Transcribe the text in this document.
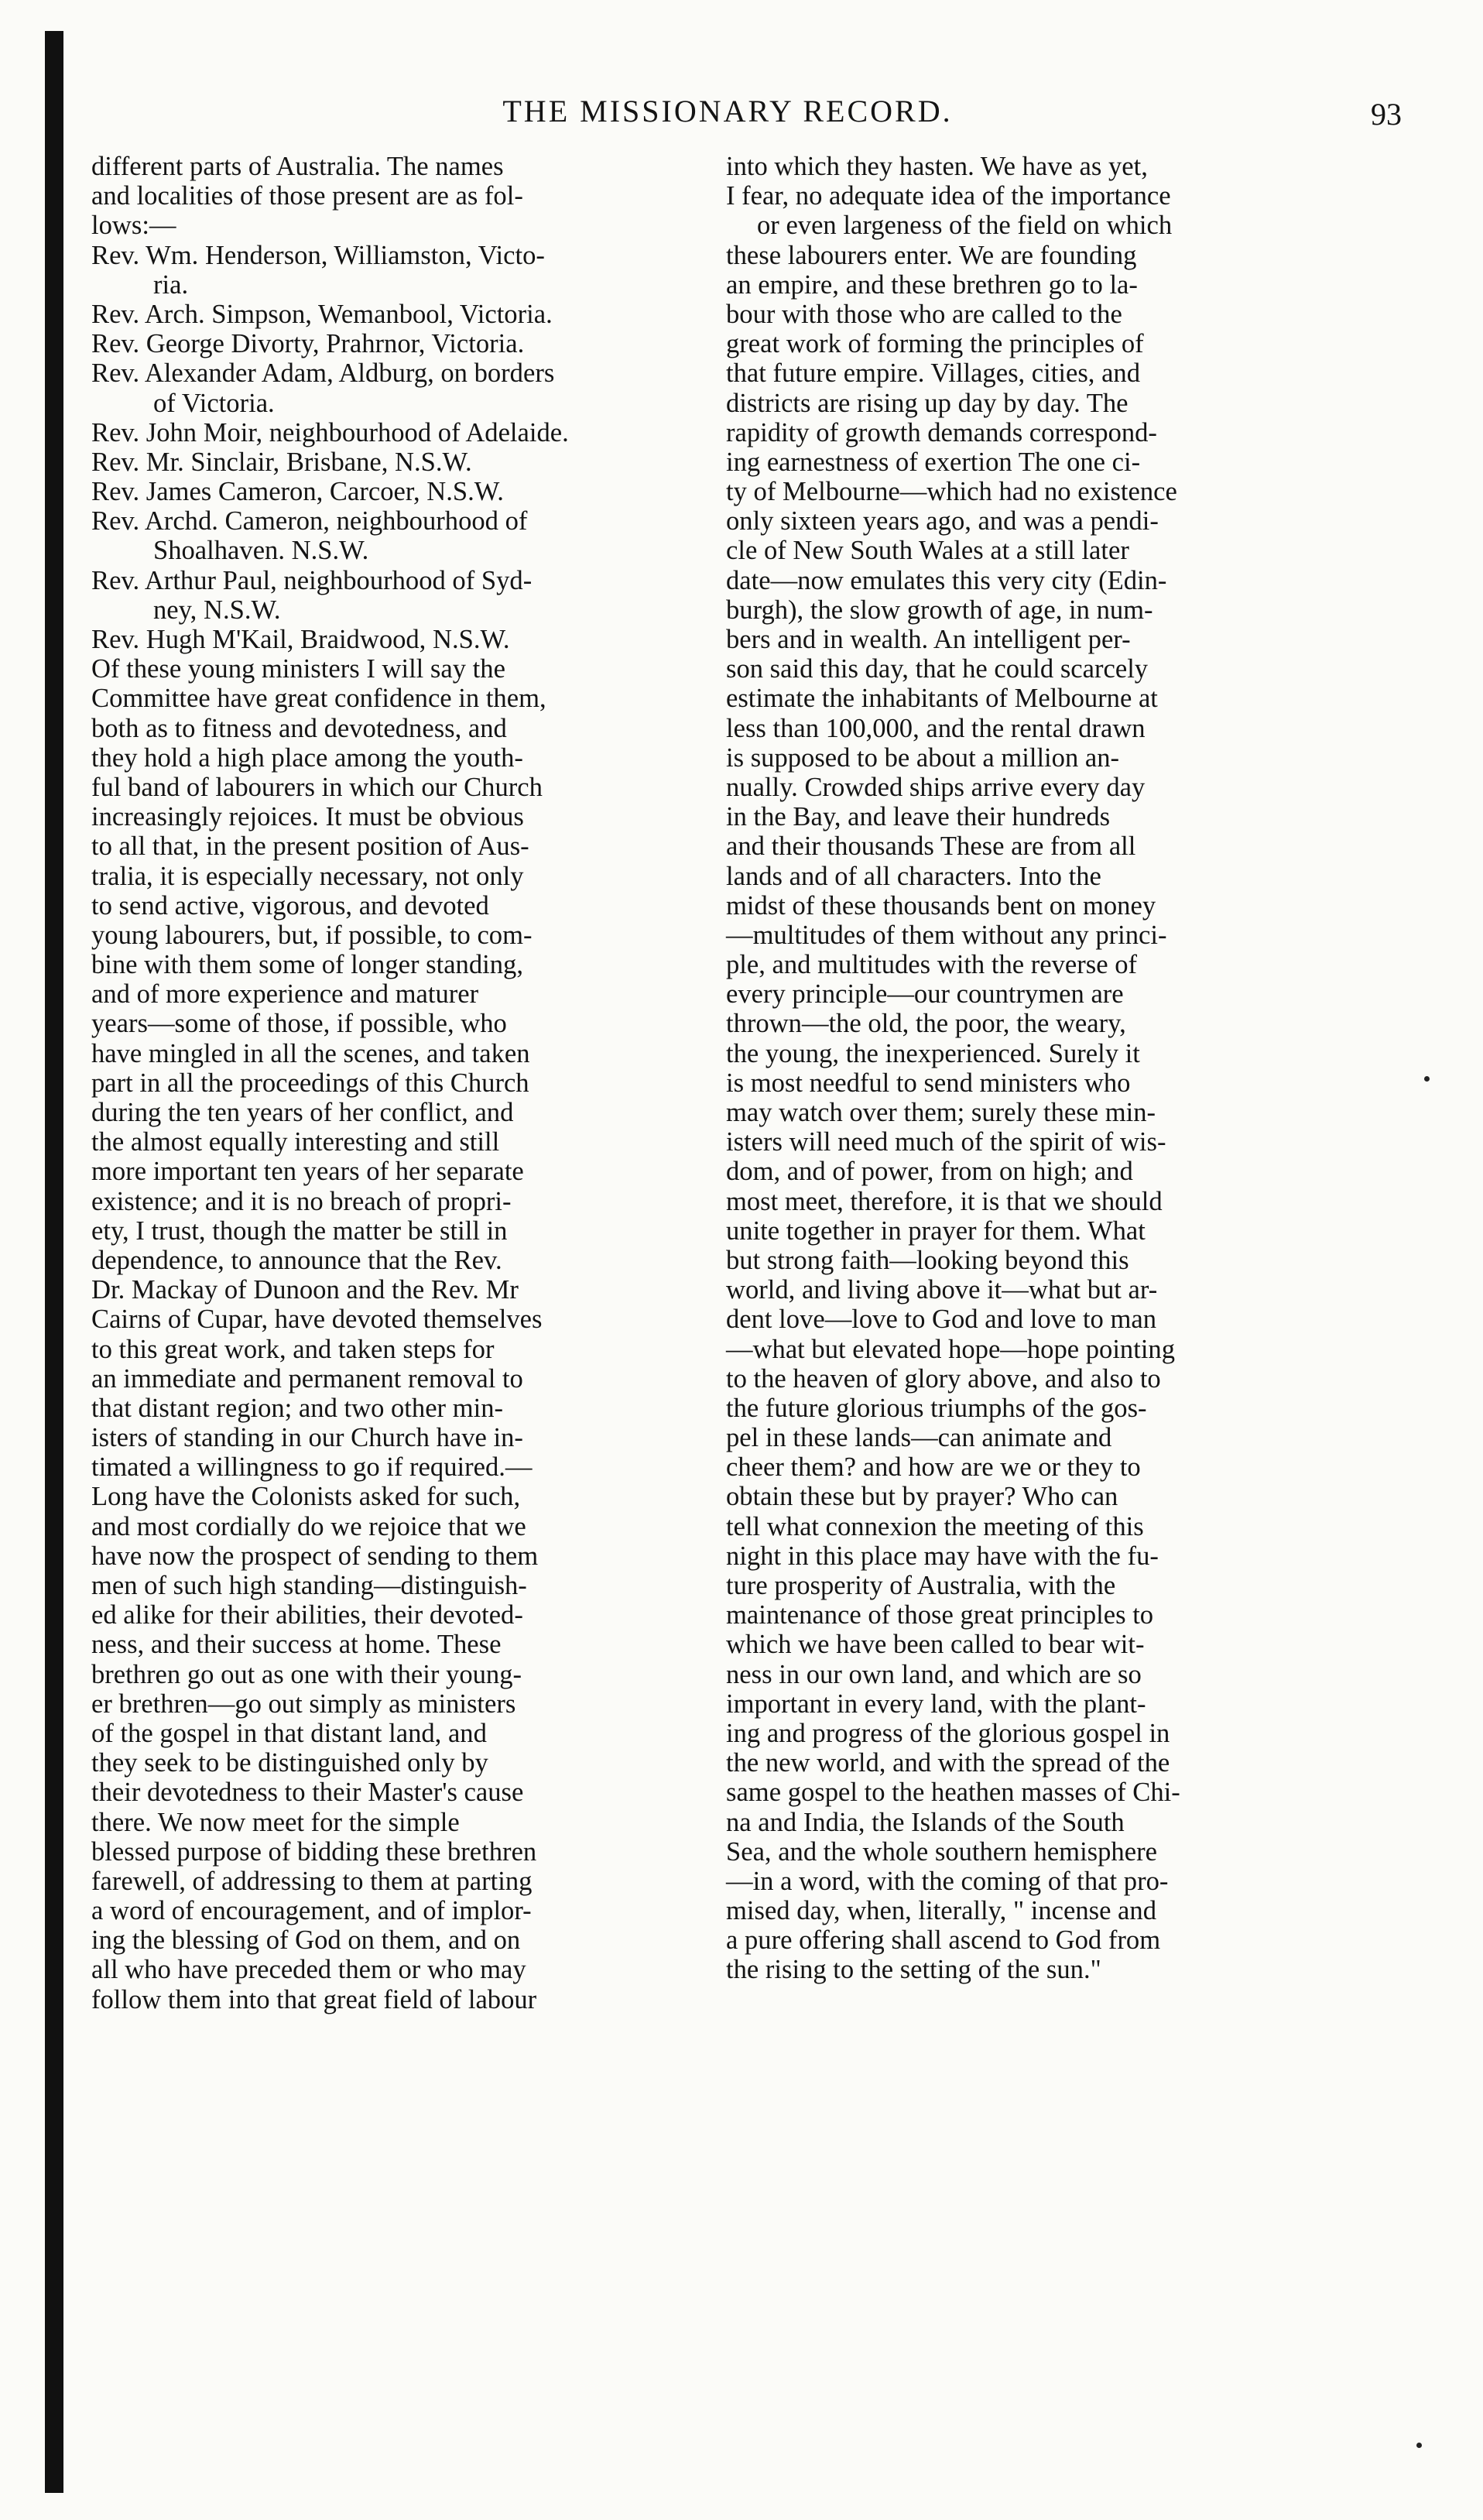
THE MISSIONARY RECORD.	93
different parts of Australia. The names
and localities of those present are as fol-
lows:—
Rev. Wm. Henderson, Williamston, Victo-
ria.
Rev. Arch. Simpson, Wemanbool, Victoria.
Rev. George Divorty, Prahrnor, Victoria.
Rev. Alexander Adam, Aldburg, on borders
of Victoria.
Rev. John Moir, neighbourhood of Adelaide.
Rev. Mr. Sinclair, Brisbane, N.S.W.
Rev. James Cameron, Carcoer, N.S.W.
Rev. Archd. Cameron, neighbourhood of
Shoalhaven. N.S.W.
Rev. Arthur Paul, neighbourhood of Syd-
ney, N.S.W.
Rev. Hugh M'Kail, Braidwood, N.S.W.
Of these young ministers I will say the
Committee have great confidence in them,
both as to fitness and devotedness, and
they hold a high place among the youth-
ful band of labourers in which our Church
increasingly rejoices. It must be obvious
to all that, in the present position of Aus-
tralia, it is especially necessary, not only
to send active, vigorous, and devoted
young labourers, but, if possible, to com-
bine with them some of longer standing,
and of more experience and maturer
years—some of those, if possible, who
have mingled in all the scenes, and taken
part in all the proceedings of this Church
during the ten years of her conflict, and
the almost equally interesting and still
more important ten years of her separate
existence; and it is no breach of propri-
ety, I trust, though the matter be still in
dependence, to announce that the Rev.
Dr. Mackay of Dunoon and the Rev. Mr
Cairns of Cupar, have devoted themselves
to this great work, and taken steps for
an immediate and permanent removal to
that distant region; and two other min-
isters of standing in our Church have in-
timated a willingness to go if required.—
Long have the Colonists asked for such,
and most cordially do we rejoice that we
have now the prospect of sending to them
men of such high standing—distinguish-
ed alike for their abilities, their devoted-
ness, and their success at home. These
brethren go out as one with their young-
er brethren—go out simply as ministers
of the gospel in that distant land, and
they seek to be distinguished only by
their devotedness to their Master's cause
there. We now meet for the simple
blessed purpose of bidding these brethren
farewell, of addressing to them at parting
a word of encouragement, and of implor-
ing the blessing of God on them, and on
all who have preceded them or who may
follow them into that great field of labour
into which they hasten. We have as yet,
I fear, no adequate idea of the importance
or even largeness of the field on which
these labourers enter. We are founding
an empire, and these brethren go to la-
bour with those who are called to the
great work of forming the principles of
that future empire. Villages, cities, and
districts are rising up day by day. The
rapidity of growth demands correspond-
ing earnestness of exertion The one ci-
ty of Melbourne—which had no existence
only sixteen years ago, and was a pendi-
cle of New South Wales at a still later
date—now emulates this very city (Edin-
burgh), the slow growth of age, in num-
bers and in wealth. An intelligent per-
son said this day, that he could scarcely
estimate the inhabitants of Melbourne at
less than 100,000, and the rental drawn
is supposed to be about a million an-
nually. Crowded ships arrive every day
in the Bay, and leave their hundreds
and their thousands These are from all
lands and of all characters. Into the
midst of these thousands bent on money
—multitudes of them without any princi-
ple, and multitudes with the reverse of
every principle—our countrymen are
thrown—the old, the poor, the weary,
the young, the inexperienced. Surely it
is most needful to send ministers who
may watch over them; surely these min-
isters will need much of the spirit of wis-
dom, and of power, from on high; and
most meet, therefore, it is that we should
unite together in prayer for them. What
but strong faith—looking beyond this
world, and living above it—what but ar-
dent love—love to God and love to man
—what but elevated hope—hope pointing
to the heaven of glory above, and also to
the future glorious triumphs of the gos-
pel in these lands—can animate and
cheer them? and how are we or they to
obtain these but by prayer? Who can
tell what connexion the meeting of this
night in this place may have with the fu-
ture prosperity of Australia, with the
maintenance of those great principles to
which we have been called to bear wit-
ness in our own land, and which are so
important in every land, with the plant-
ing and progress of the glorious gospel in
the new world, and with the spread of the
same gospel to the heathen masses of Chi-
na and India, the Islands of the South
Sea, and the whole southern hemisphere
—in a word, with the coming of that pro-
mised day, when, literally, " incense and
a pure offering shall ascend to God from
the rising to the setting of the sun."
